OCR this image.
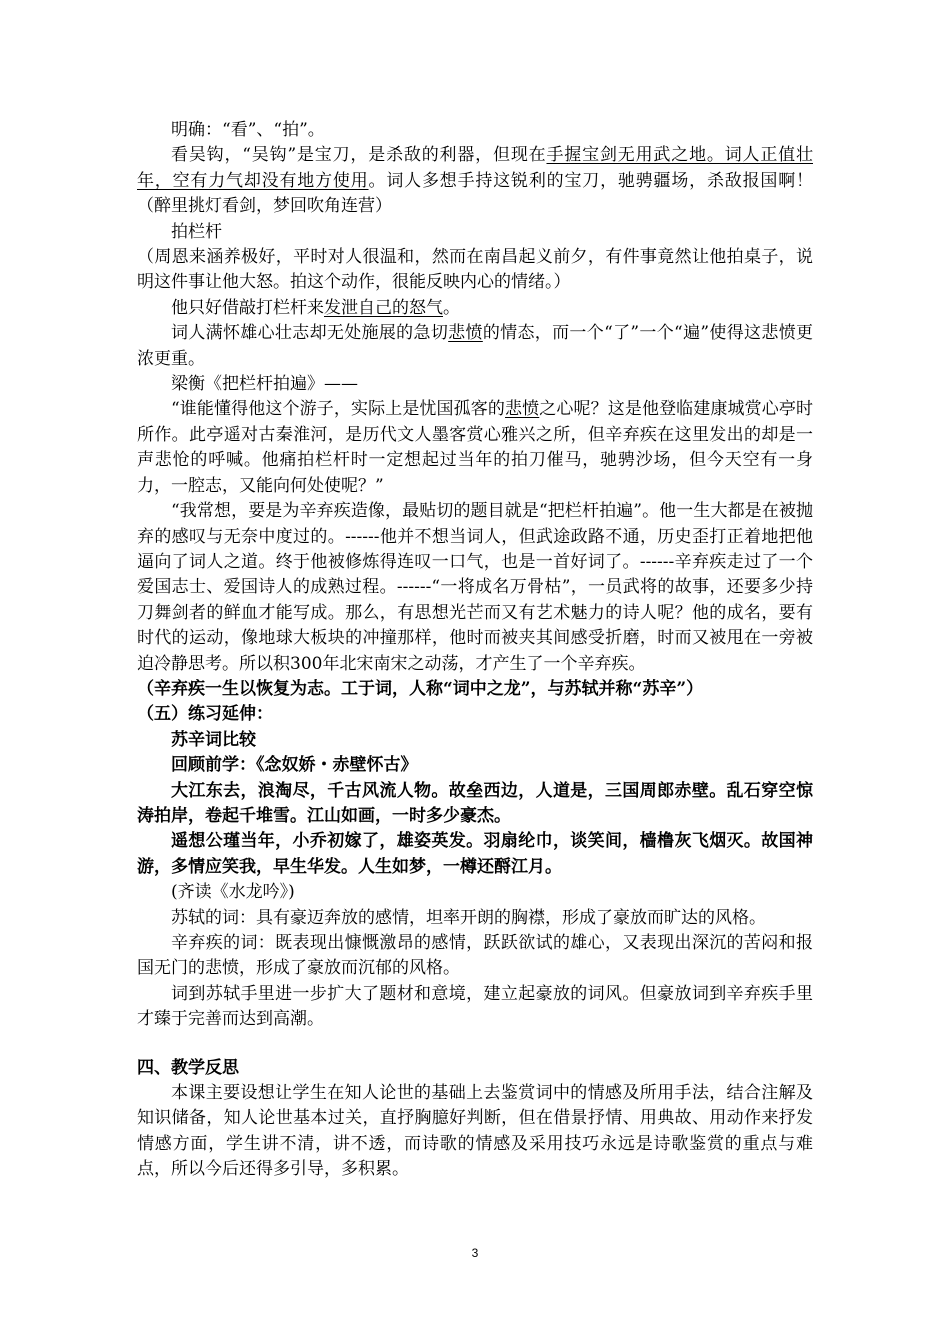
明确：“看”、“拍”。

看吴钩，“吴钩”是宝刀，是杀敌的利器，但现在手握宝剑无用武之地。词人正值壮年，空有力气却没有地方使用。词人多想手持这锐利的宝刀，驰骋疆场，杀敌报国啊！（醉里挑灯看剑，梦回吹角连营）

拍栏杆

（周恩来涵养极好，平时对人很温和，然而在南昌起义前夕，有件事竟然让他拍桌子，说明这件事让他大怒。拍这个动作，很能反映内心的情绪。）

他只好借敲打栏杆来发泄自己的怒气。

词人满怀雄心壮志却无处施展的急切悲愤的情态，而一个“了”一个“遍”使得这悲愤更浓更重。

梁衡《把栏杆拍遍》——

“谁能懂得他这个游子，实际上是忧国孤客的悲愤之心呢？这是他登临建康城赏心亭时所作。此亭遥对古秦淮河，是历代文人墨客赏心雅兴之所，但辛弃疾在这里发出的却是一声悲怆的呼喊。他痛拍栏杆时一定想起过当年的拍刀催马，驰骋沙场，但今天空有一身力，一腔志，又能向何处使呢？”

“我常想，要是为辛弃疾造像，最贴切的题目就是“把栏杆拍遍”。他一生大都是在被抛弃的感叹与无奈中度过的。------他并不想当词人，但武途政路不通，历史歪打正着地把他逼向了词人之道。终于他被修炼得连叹一口气，也是一首好词了。------辛弃疾走过了一个爱国志士、爱国诗人的成熟过程。------“一将成名万骨枯”，一员武将的故事，还要多少持刀舞剑者的鲜血才能写成。那么，有思想光芒而又有艺术魅力的诗人呢？他的成名，要有时代的运动，像地球大板块的冲撞那样，他时而被夹其间感受折磨，时而又被甩在一旁被迫冷静思考。所以积300年北宋南宋之动荡，才产生了一个辛弃疾。

（辛弃疾一生以恢复为志。工于词，人称“词中之龙”，与苏轼并称“苏辛”）

（五）练习延伸：

苏辛词比较

回顾前学：《念奴娇・赤壁怀古》

大江东去，浪淘尽，千古风流人物。故垒西边，人道是，三国周郎赤壁。乱石穿空惊涛拍岸，卷起千堆雪。江山如画，一时多少豪杰。

遥想公瑾当年，小乔初嫁了，雄姿英发。羽扇纶巾，谈笑间，樯橹灰飞烟灭。故国神游，多情应笑我，早生华发。人生如梦，一樽还酹江月。

(齐读《水龙吟》)

苏轼的词：具有豪迈奔放的感情，坦率开朗的胸襟，形成了豪放而旷达的风格。

辛弃疾的词：既表现出慷慨激昂的感情，跃跃欲试的雄心，又表现出深沉的苦闷和报国无门的悲愤，形成了豪放而沉郁的风格。

词到苏轼手里进一步扩大了题材和意境，建立起豪放的词风。但豪放词到辛弃疾手里才臻于完善而达到高潮。

四、教学反思

本课主要设想让学生在知人论世的基础上去鉴赏词中的情感及所用手法，结合注解及知识储备，知人论世基本过关，直抒胸臆好判断，但在借景抒情、用典故、用动作来抒发情感方面，学生讲不清，讲不透，而诗歌的情感及采用技巧永远是诗歌鉴赏的重点与难点，所以今后还得多引导，多积累。

3
